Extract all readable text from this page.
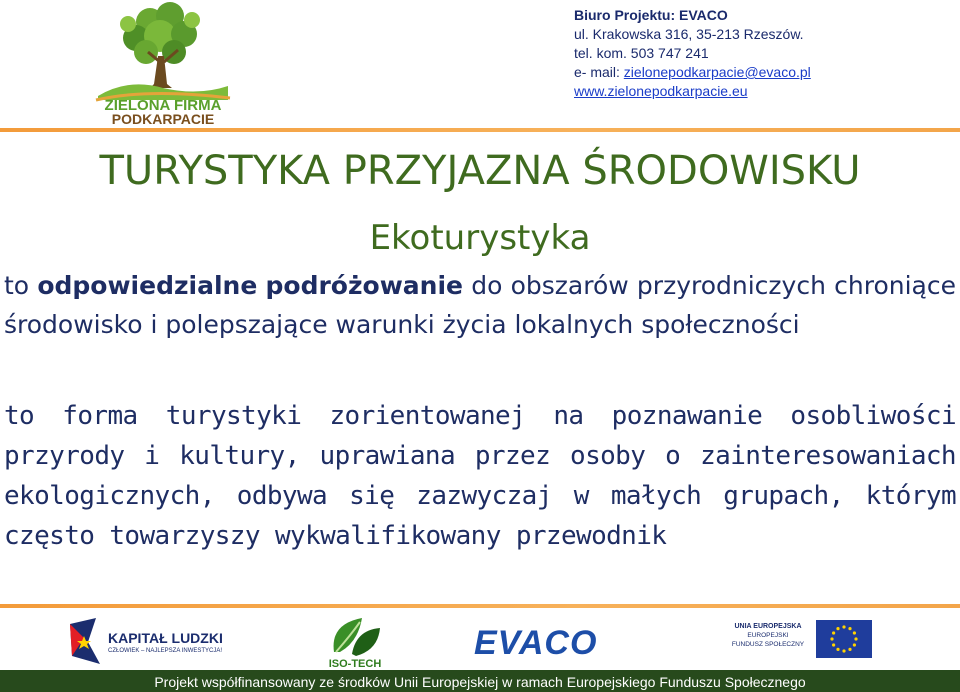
ZIELONA FIRMA
PODKARPACIE
Biuro Projektu: EVACO
ul. Krakowska 316, 35-213 Rzeszów.
tel. kom. 503 747 241
e- mail: zielonepodkarpacie@evaco.pl
www.zielonepodkarpacie.eu
TURYSTYKA PRZYJAZNA ŚRODOWISKU
Ekoturystyka
to odpowiedzialne podróżowanie do obszarów przyrodniczych chroniące środowisko i polepszające warunki życia lokalnych społeczności
to forma turystyki zorientowanej na poznawanie osobliwości przyrody i kultury, uprawiana przez osoby o zainteresowaniach ekologicznych, odbywa się zazwyczaj w małych grupach, którym często towarzyszy wykwalifikowany przewodnik
KAPITAŁ LUDZKI
CZŁOWIEK – NAJLEPSZA INWESTYCJA!
ISO-TECH
EVACO	UNIA EUROPEJSKA
EUROPEJSKI
FUNDUSZ SPOŁECZNY
Projekt współfinansowany ze środków Unii Europejskiej w ramach Europejskiego Funduszu Społecznego
